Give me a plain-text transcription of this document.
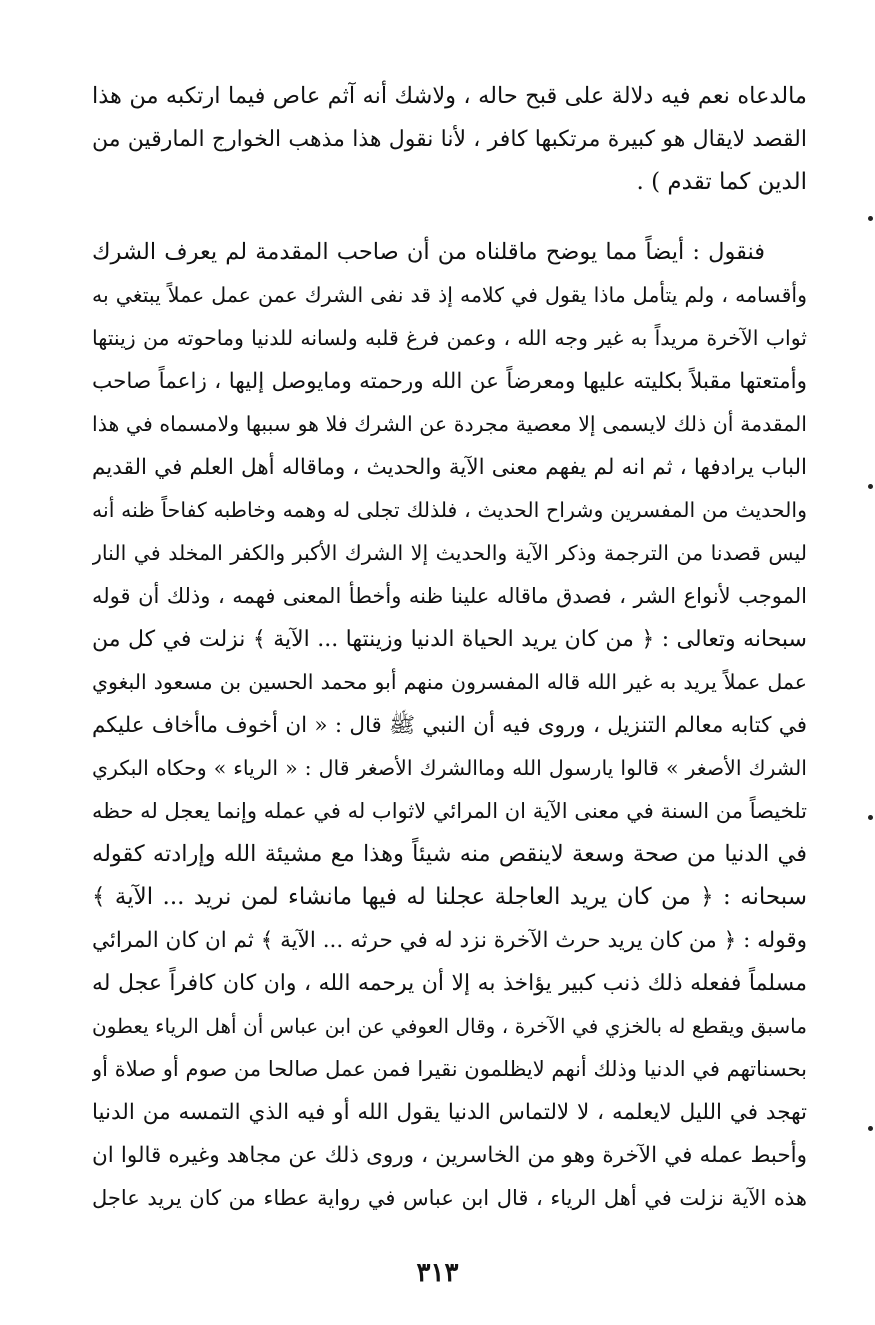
مالدعاه نعم فيه دلالة على قبح حاله ، ولاشك أنه آثم عاص فيما ارتكبه من هذا
القصد لايقال هو كبيرة مرتكبها كافر ، لأنا نقول هذا مذهب الخوارج المارقين من
الدين كما تقدم ) .
فنقول : أيضاً مما يوضح ماقلناه من أن صاحب المقدمة لم يعرف الشرك
وأقسامه ، ولم يتأمل ماذا يقول في كلامه إذ قد نفى الشرك عمن عمل عملاً يبتغي به
ثواب الآخرة مريداً به غير وجه الله ، وعمن فرغ قلبه ولسانه للدنيا وماحوته من زينتها
وأمتعتها مقبلاً بكليته عليها ومعرضاً عن الله ورحمته ومايوصل إليها ، زاعماً صاحب
المقدمة أن ذلك لايسمى إلا معصية مجردة عن الشرك فلا هو سببها ولامسماه في هذا
الباب يرادفها ، ثم انه لم يفهم معنى الآية والحديث ، وماقاله أهل العلم في القديم
والحديث من المفسرين وشراح الحديث ، فلذلك تجلى له وهمه وخاطبه كفاحاً ظنه أنه
ليس قصدنا من الترجمة وذكر الآية والحديث إلا الشرك الأكبر والكفر المخلد في النار
الموجب لأنواع الشر ، فصدق ماقاله علينا ظنه وأخطأ المعنى فهمه ، وذلك أن قوله
سبحانه وتعالى : ﴿ من كان يريد الحياة الدنيا وزينتها ... الآية ﴾ نزلت في كل من
عمل عملاً يريد به غير الله قاله المفسرون منهم أبو محمد الحسين بن مسعود البغوي
في كتابه معالم التنزيل ، وروى فيه أن النبي ﷺ قال : « ان أخوف ماأخاف عليكم
الشرك الأصغر » قالوا يارسول الله وماالشرك الأصغر قال : « الرياء » وحكاه البكري
تلخيصاً من السنة في معنى الآية ان المرائي لاثواب له في عمله وإنما يعجل له حظه
في الدنيا من صحة وسعة لاينقص منه شيئاً وهذا مع مشيئة الله وإرادته كقوله
سبحانه : ﴿ من كان يريد العاجلة عجلنا له فيها مانشاء لمن نريد ... الآية ﴾
وقوله : ﴿ من كان يريد حرث الآخرة نزد له في حرثه ... الآية ﴾ ثم ان كان المرائي
مسلماً ففعله ذلك ذنب كبير يؤاخذ به إلا أن يرحمه الله ، وان كان كافراً عجل له
ماسبق ويقطع له بالخزي في الآخرة ، وقال العوفي عن ابن عباس أن أهل الرياء يعطون
بحسناتهم في الدنيا وذلك أنهم لايظلمون نقيرا فمن عمل صالحا من صوم أو صلاة أو
تهجد في الليل لايعلمه ، لا لالتماس الدنيا يقول الله أو فيه الذي التمسه من الدنيا
وأحبط عمله في الآخرة وهو من الخاسرين ، وروى ذلك عن مجاهد وغيره قالوا ان
هذه الآية نزلت في أهل الرياء ، قال ابن عباس في رواية عطاء من كان يريد عاجل
٣١٣
